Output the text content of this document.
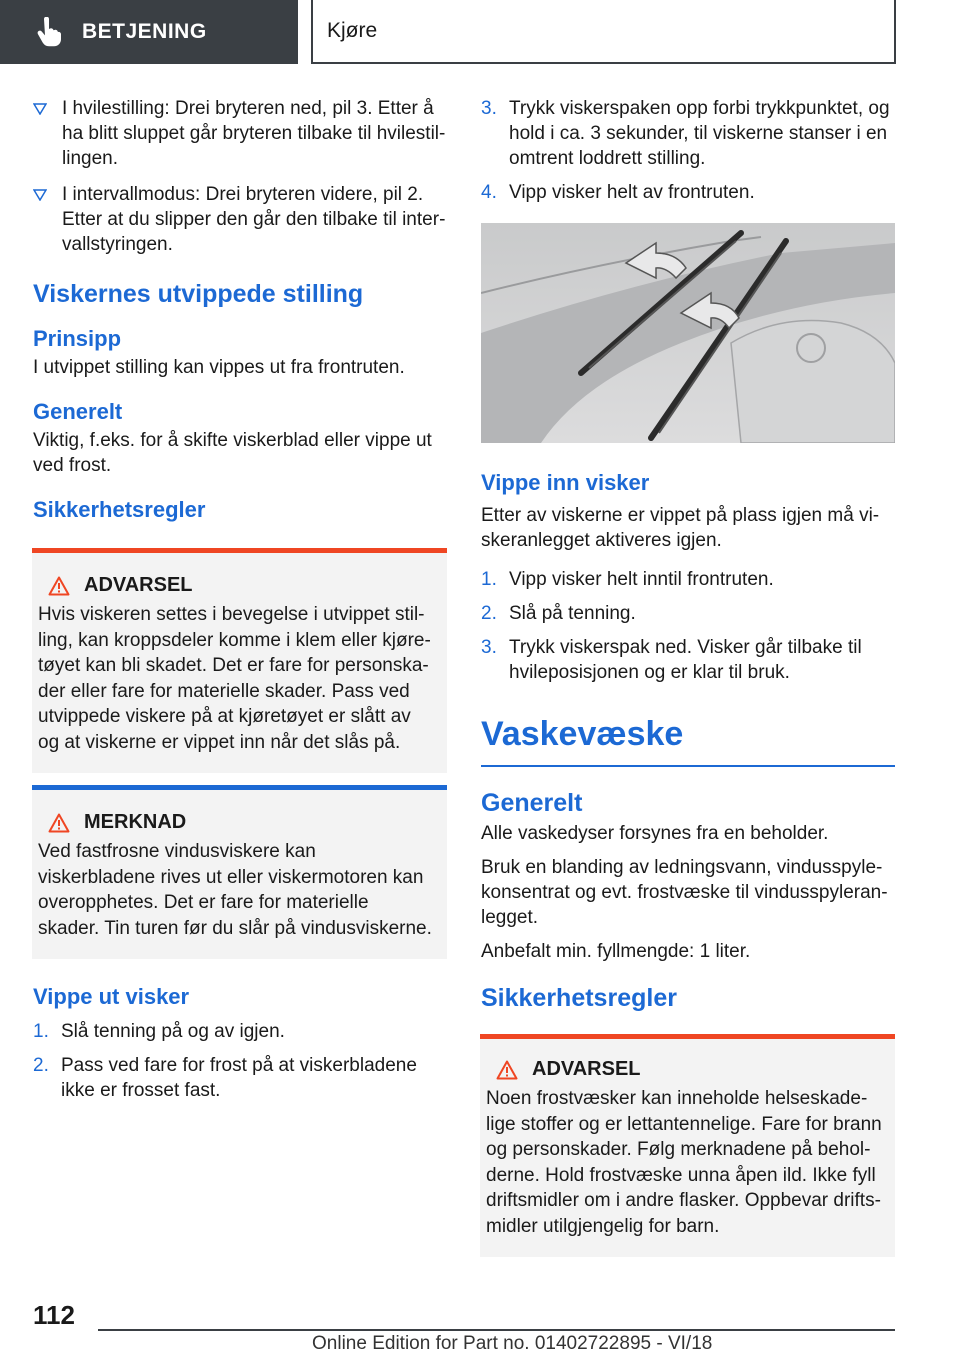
BETJENING	Kjøre
I hvilestilling: Drei bryteren ned, pil 3. Etter å ha blitt sluppet går bryteren tilbake til hvilestillingen.
I intervallmodus: Drei bryteren videre, pil 2. Etter at du slipper den går den tilbake til intervallstyringen.
Viskernes utvippede stilling
Prinsipp
I utvippet stilling kan vippes ut fra frontruten.
Generelt
Viktig, f.eks. for å skifte viskerblad eller vippe ut ved frost.
Sikkerhetsregler
ADVARSEL
Hvis viskeren settes i bevegelse i utvippet stilling, kan kroppsdeler komme i klem eller kjøretøyet kan bli skadet. Det er fare for personskader eller fare for materielle skader. Pass ved utvippede viskere på at kjøretøyet er slått av og at viskerne er vippet inn når det slås på.
MERKNAD
Ved fastfrosne vindusviskere kan viskerbladene rives ut eller viskermotoren kan overopphetes. Det er fare for materielle skader. Tin turen før du slår på vindusviskerne.
Vippe ut visker
1. Slå tenning på og av igjen.
2. Pass ved fare for frost på at viskerbladene ikke er frosset fast.
3. Trykk viskerspaken opp forbi trykkpunktet, og hold i ca. 3 sekunder, til viskerne stanser i en omtrent loddrett stilling.
4. Vipp visker helt av frontruten.
Vippe inn visker
Etter av viskerne er vippet på plass igjen må viskeranlegget aktiveres igjen.
1. Vipp visker helt inntil frontruten.
2. Slå på tenning.
3. Trykk viskerspak ned. Visker går tilbake til hvileposisjonen og er klar til bruk.
Vaskevæske
Generelt
Alle vaskedyser forsynes fra en beholder.
Bruk en blanding av ledningsvann, vindusspylekonsentrat og evt. frostvæske til vindusspyleranlegget.
Anbefalt min. fyllmengde: 1 liter.
Sikkerhetsregler
ADVARSEL
Noen frostvæsker kan inneholde helseskadelige stoffer og er lettantennelige. Fare for brann og personskader. Følg merknadene på beholderne. Hold frostvæske unna åpen ild. Ikke fyll driftsmidler om i andre flasker. Oppbevar driftsmidler utilgjengelig for barn.
112
Online Edition for Part no. 01402722895 - VI/18
